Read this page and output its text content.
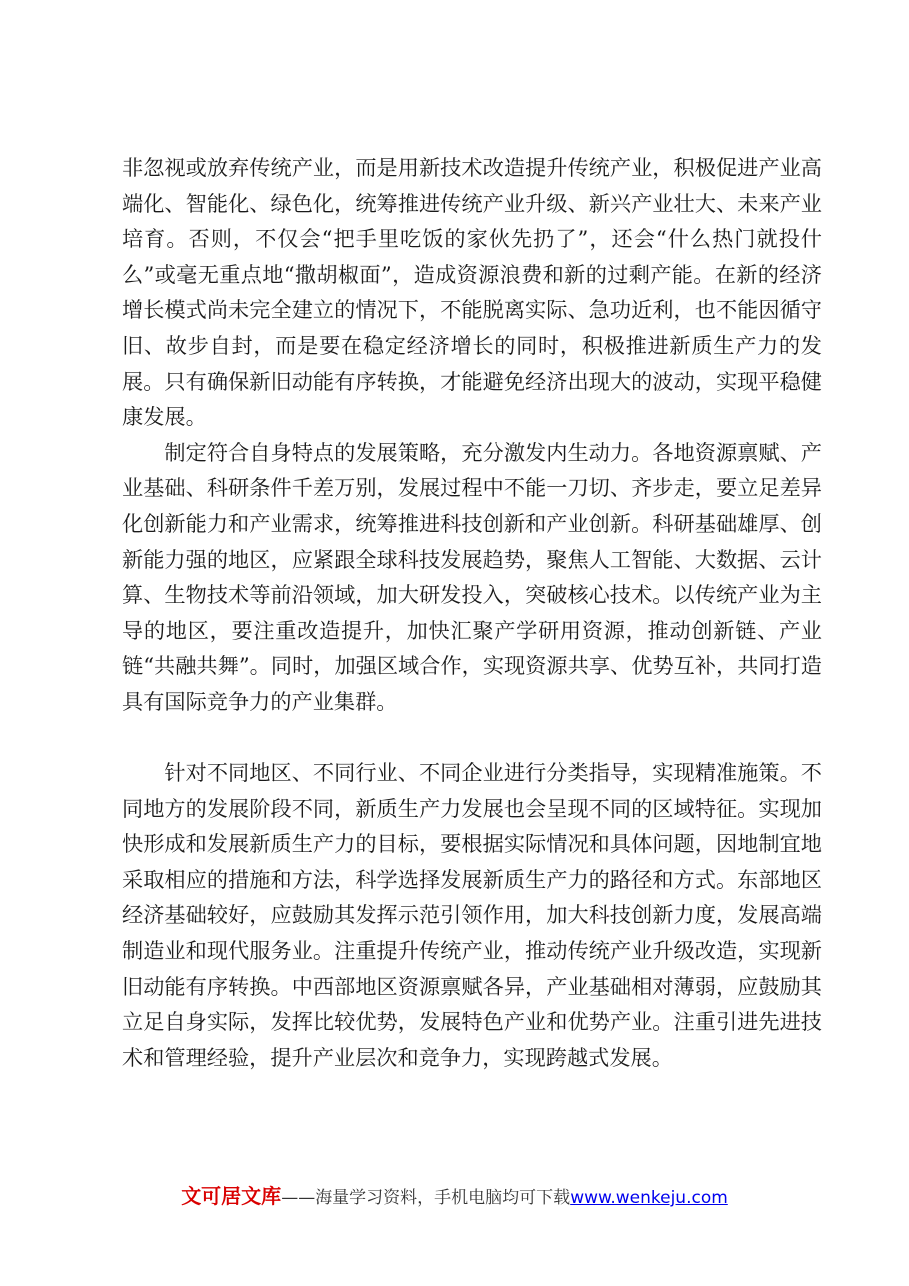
非忽视或放弃传统产业，而是用新技术改造提升传统产业，积极促进产业高端化、智能化、绿色化，统筹推进传统产业升级、新兴产业壮大、未来产业培育。否则，不仅会“把手里吃饭的家伙先扔了”，还会“什么热门就投什么”或毫无重点地“撒胡椒面”，造成资源浪费和新的过剩产能。在新的经济增长模式尚未完全建立的情况下，不能脱离实际、急功近利，也不能因循守旧、故步自封，而是要在稳定经济增长的同时，积极推进新质生产力的发展。只有确保新旧动能有序转换，才能避免经济出现大的波动，实现平稳健康发展。

　　制定符合自身特点的发展策略，充分激发内生动力。各地资源禀赋、产业基础、科研条件千差万别，发展过程中不能一刀切、齐步走，要立足差异化创新能力和产业需求，统筹推进科技创新和产业创新。科研基础雄厚、创新能力强的地区，应紧跟全球科技发展趋势，聚焦人工智能、大数据、云计算、生物技术等前沿领域，加大研发投入，突破核心技术。以传统产业为主导的地区，要注重改造提升，加快汇聚产学研用资源，推动创新链、产业链“共融共舞”。同时，加强区域合作，实现资源共享、优势互补，共同打造具有国际竞争力的产业集群。

　　针对不同地区、不同行业、不同企业进行分类指导，实现精准施策。不同地方的发展阶段不同，新质生产力发展也会呈现不同的区域特征。实现加快形成和发展新质生产力的目标，要根据实际情况和具体问题，因地制宜地采取相应的措施和方法，科学选择发展新质生产力的路径和方式。东部地区经济基础较好，应鼓励其发挥示范引领作用，加大科技创新力度，发展高端制造业和现代服务业。注重提升传统产业，推动传统产业升级改造，实现新旧动能有序转换。中西部地区资源禀赋各异，产业基础相对薄弱，应鼓励其立足自身实际，发挥比较优势，发展特色产业和优势产业。注重引进先进技术和管理经验，提升产业层次和竞争力，实现跨越式发展。

文可居文库——海量学习资料，手机电脑均可下载www.wenkeju.com
